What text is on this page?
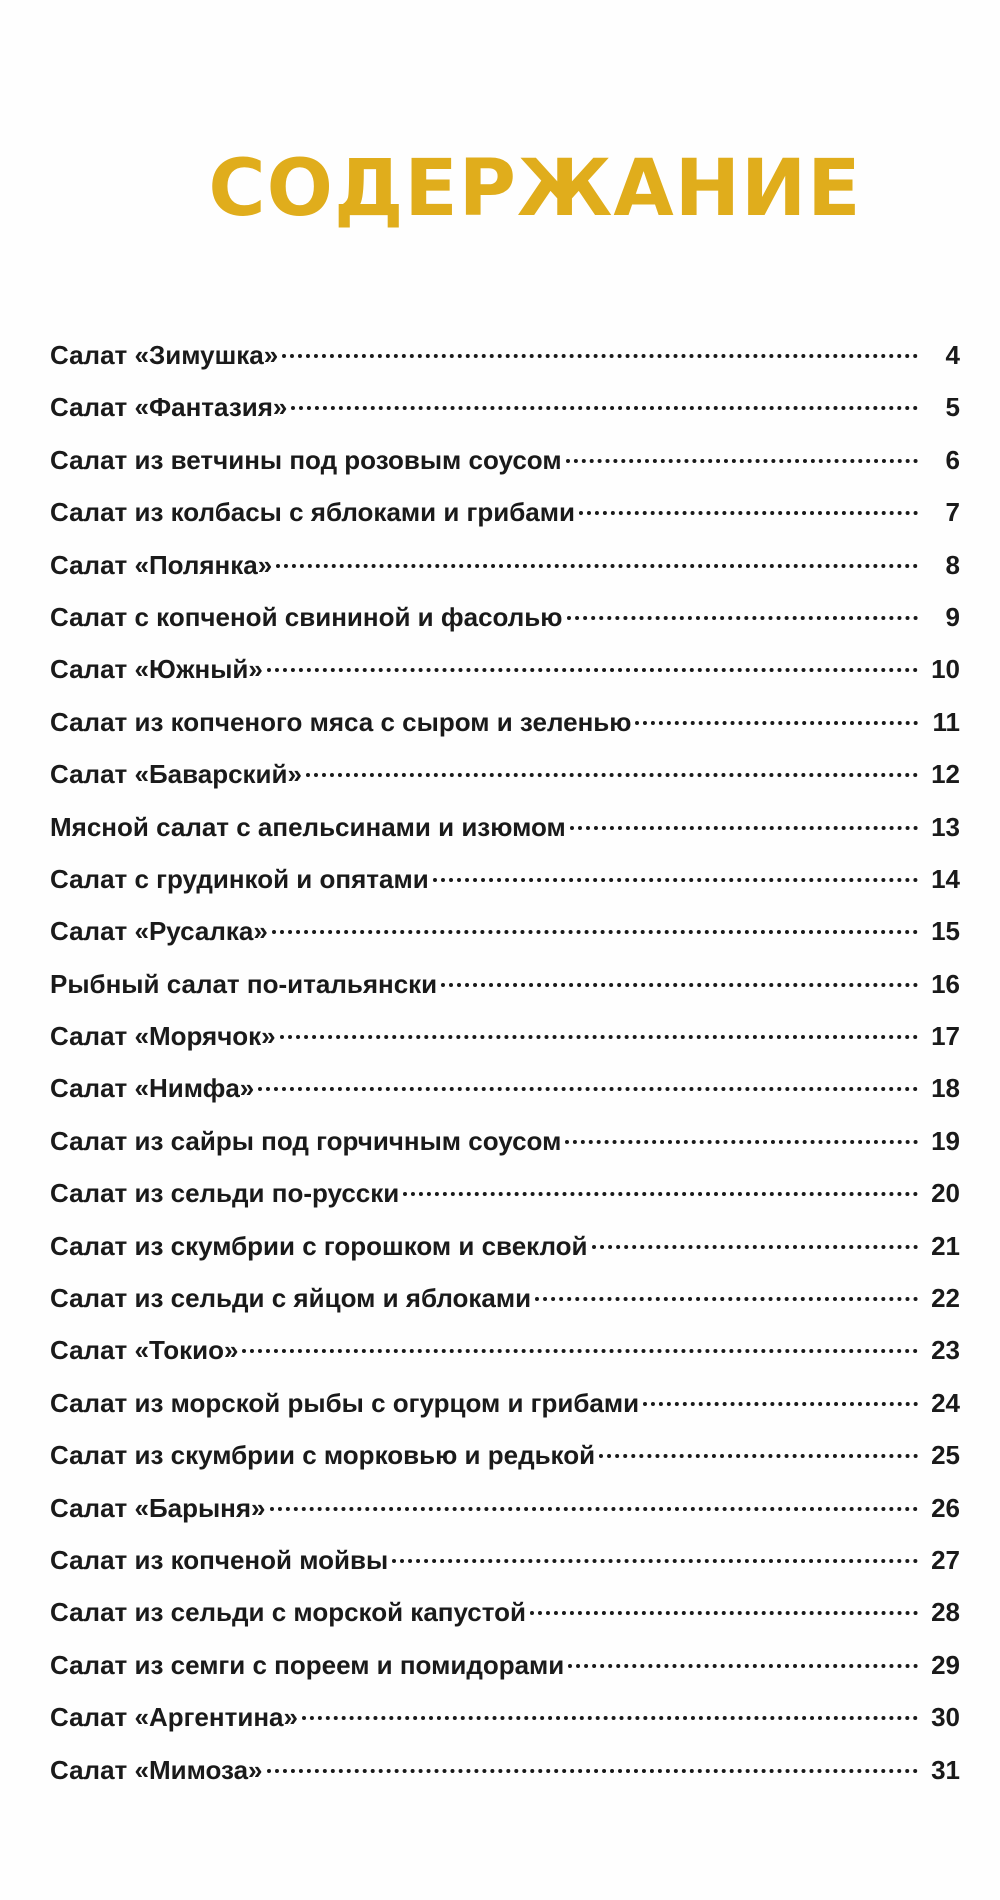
СОДЕРЖАНИЕ
Салат «Зимушка»	4
Салат «Фантазия»	5
Салат из ветчины под розовым соусом	6
Салат из колбасы с яблоками и грибами	7
Салат «Полянка»	8
Салат с копченой свининой и фасолью	9
Салат «Южный»	10
Салат из копченого мяса с сыром и зеленью	11
Салат «Баварский»	12
Мясной салат с апельсинами и изюмом	13
Салат с грудинкой и опятами	14
Салат «Русалка»	15
Рыбный салат по-итальянски	16
Салат «Морячок»	17
Салат «Нимфа»	18
Салат из сайры под горчичным соусом	19
Салат из сельди по-русски	20
Салат из скумбрии с горошком и свеклой	21
Салат из сельди с яйцом и яблоками	22
Салат «Токио»	23
Салат из морской рыбы с огурцом и грибами	24
Салат из скумбрии с морковью и редькой	25
Салат «Барыня»	26
Салат из копченой мойвы	27
Салат из сельди с морской капустой	28
Салат из семги с пореем и помидорами	29
Салат «Аргентина»	30
Салат «Мимоза»	31
